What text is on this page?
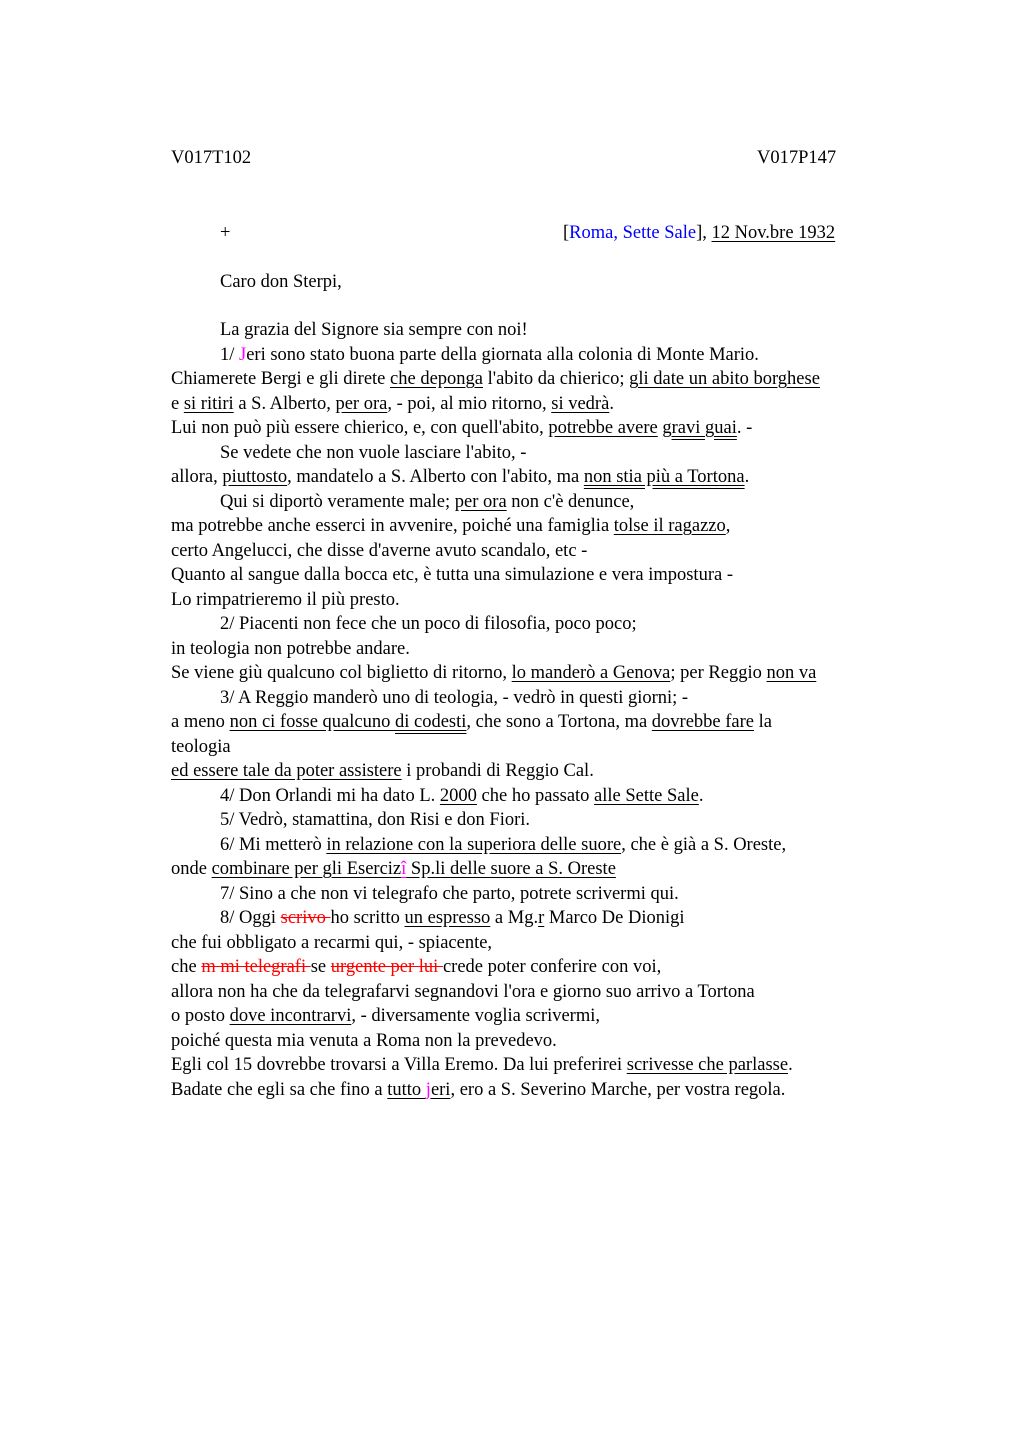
V017T102	V017P147
+	[Roma, Sette Sale], 12 Nov.bre 1932
Caro don Sterpi,
La grazia del Signore sia sempre con noi!
1/ Jeri sono stato buona parte della giornata alla colonia di Monte Mario.
Chiamerete Bergi e gli direte che deponga l'abito da chierico; gli date un abito borghese
e si ritiri a S. Alberto, per ora, - poi, al mio ritorno, si vedrà.
Lui non può più essere chierico, e, con quell'abito, potrebbe avere gravi guai. -
Se vedete che non vuole lasciare l'abito, -
allora, piuttosto, mandatelo a S. Alberto con l'abito, ma non stia più a Tortona.
Qui si diportò veramente male; per ora non c'è denunce,
ma potrebbe anche esserci in avvenire, poiché una famiglia tolse il ragazzo,
certo Angelucci, che disse d'averne avuto scandalo, etc -
Quanto al sangue dalla bocca etc, è tutta una simulazione e vera impostura -
Lo rimpatrieremo il più presto.
2/ Piacenti non fece che un poco di filosofia, poco poco;
in teologia non potrebbe andare.
Se viene giù qualcuno col biglietto di ritorno, lo manderò a Genova; per Reggio non va
3/ A Reggio manderò uno di teologia, - vedrò in questi giorni; -
a meno non ci fosse qualcuno di codesti, che sono a Tortona, ma dovrebbe fare la
teologia
ed essere tale da poter assistere i probandi di Reggio Cal.
4/ Don Orlandi mi ha dato L. 2000 che ho passato alle Sette Sale.
5/ Vedrò, stamattina, don Risi e don Fiori.
6/ Mi metterò in relazione con la superiora delle suore, che è già a S. Oreste,
onde combinare per gli Esercizî Sp.li delle suore a S. Oreste
7/ Sino a che non vi telegrafo che parto, potrete scrivermi qui.
8/ Oggi scrivo ho scritto un espresso a Mg.r Marco De Dionigi
che fui obbligato a recarmi qui, - spiacente,
che m mi telegrafi se urgente per lui crede poter conferire con voi,
allora non ha che da telegrafarvi segnandovi l'ora e giorno suo arrivo a Tortona
o posto dove incontrarvi, - diversamente voglia scrivermi,
poiché questa mia venuta a Roma non la prevedevo.
Egli col 15 dovrebbe trovarsi a Villa Eremo. Da lui preferirei scrivesse che parlasse.
Badate che egli sa che fino a tutto jeri, ero a S. Severino Marche, per vostra regola.
